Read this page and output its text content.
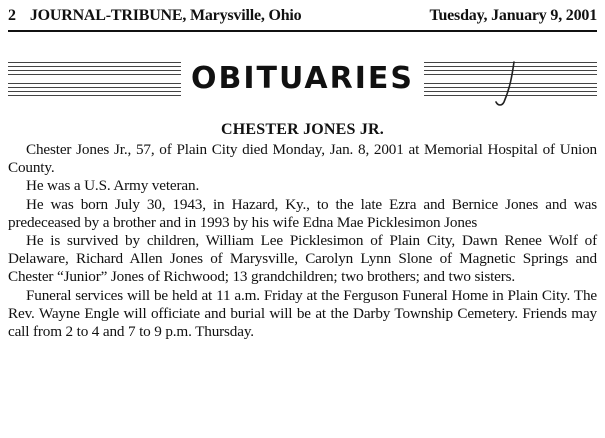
2 JOURNAL-TRIBUNE, Marysville, Ohio	Tuesday, January 9, 2001
OBITUARIES
CHESTER JONES JR.

Chester Jones Jr., 57, of Plain City died Monday, Jan. 8, 2001 at Memorial Hospital of Union County.

He was a U.S. Army veteran.

He was born July 30, 1943, in Hazard, Ky., to the late Ezra and Bernice Jones and was predeceased by a brother and in 1993 by his wife Edna Mae Picklesimon Jones

He is survived by children, William Lee Picklesimon of Plain City, Dawn Renee Wolf of Delaware, Richard Allen Jones of Marysville, Carolyn Lynn Slone of Magnetic Springs and Chester “Junior” Jones of Richwood; 13 grandchildren; two brothers; and two sisters.

Funeral services will be held at 11 a.m. Friday at the Ferguson Funeral Home in Plain City. The Rev. Wayne Engle will officiate and burial will be at the Darby Township Cemetery. Friends may call from 2 to 4 and 7 to 9 p.m. Thursday.
